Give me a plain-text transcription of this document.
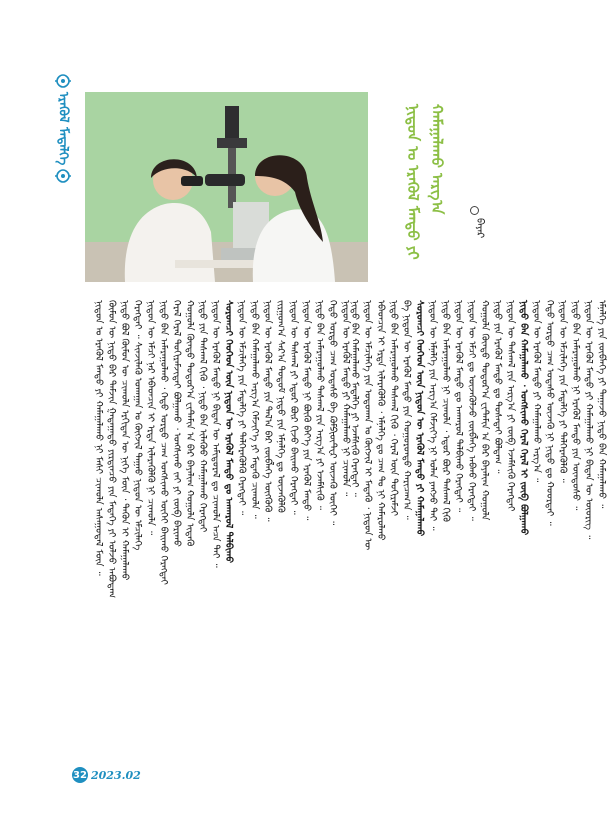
ᠡᠷᠡᠭᠦᠯ ᠮᠡᠳᠡᠯᠭᠡ	ᠨᠢᠳᠦᠨ ᠤ ᠡᠷᠡᠭᠦᠯ ᠮᠡᠨᠳᠦ ᠶᠢ ᠬᠠᠮᠠᠭᠠᠯᠠᠬᠤ ᠠᠷᠭ᠎ᠠ
ᠪᠠᠶᠠᠷ
ᠨᠢᠳᠦᠨ ᠤ ᠡᠷᠡᠭᠦᠯ ᠮᠡᠨᠳᠦ ᠶᠢ ᠬᠠᠮᠠᠭᠠᠯᠠᠬᠤ ᠨᠢ ᠮᠠᠰᠢ ᠴᠢᠬᠤᠯᠠ ᠠᠰᠠᠭᠤᠳᠠᠯ ᠮᠥᠨ ᠃ ᠬᠦᠮᠦᠨ ᠦ ᠨᠢᠳᠦ ᠪᠡᠷ ᠳᠠᠮᠵᠢᠨ ᠭᠠᠳᠠᠭᠠᠳᠤ ᠶᠢᠷᠲᠢᠨᠴᠦ ᠶᠢᠨ ᠮᠡᠳᠡᠭᠡ ᠶᠢ ᠣᠯᠵᠤ ᠠᠪᠤᠳᠠᠭ ᠨᠢᠳᠦ ᠪᠣᠯ ᠬᠦᠮᠦᠨ ᠦ ᠴᠢᠬᠤᠯᠠ ᠡᠷᠬᠢᠲᠡᠨ ᠦ ᠨᠢᠭᠡ ᠮᠥᠨ ᠂ ᠲᠡᠭᠦᠨ ᠢ ᠬᠠᠮᠠᠭᠠᠯᠠᠬᠤ ᠬᠡᠷᠡᠭᠲᠡᠢ ᠃ ᠰᠢᠨᠵᠢᠯᠡᠬᠦ ᠤᠬᠠᠭᠠᠨ ᠤ ᠬᠥᠭᠵᠢᠯ ᠳᠠᠭᠠᠤ ᠨᠢᠳᠦᠨ ᠦ ᠡᠮᠴᠢᠯᠡᠭᠡ ᠨᠢᠳᠦᠨ ᠦ ᠡᠮᠴᠢ ᠨᠡᠷ ᠡᠪᠡᠳᠴᠢᠨ ᠢ ᠡᠷᠲᠡ ᠢᠯᠡᠷᠡᠭᠦᠯᠬᠦ ᠨᠢ ᠴᠢᠬᠤᠯᠠ ᠃ ᠨᠢᠳᠦ ᠪᠡᠨ ᠠᠮᠠᠷᠠᠭᠤᠯᠬᠤ ᠂ ᠬᠡᠲᠦ ᠤᠷᠲᠤ ᠴᠠᠭ ᠤᠩᠰᠢᠬᠤ ᠦᠭᠡᠢ ᠪᠠᠢᠬᠤ ᠬᠡᠷᠡᠭᠲᠡᠢ ᠬᠡᠷᠡᠯ ᠭᠡᠷᠡᠯ ᠲᠣᠬᠢᠷᠠᠮᠵᠢᠲᠠᠢ ᠪᠣᠯᠭᠠᠬᠤ ᠂ ᠤᠩᠰᠢᠬᠤ ᠵᠠᠢ ᠶᠢ ᠵᠥᠪ ᠪᠠᠷᠢᠬᠤ ᠬᠣᠭᠣᠯᠠ ᠬᠦᠨᠳᠦ ᠳᠣᠲᠣᠷ᠎ᠠ ᠸᠢᠲ᠋ᠠᠮᠢᠨ ᠠ ᠪᠠᠷ ᠪᠠᠶᠠᠯᠢᠭ ᠬᠣᠭᠣᠯᠠ ᠢᠳᠡᠬᠦ ᠨᠢᠳᠦ ᠶᠢᠨ ᠳᠠᠰᠬᠠᠯ ᠬᠢᠬᠦ ᠂ ᠨᠢᠳᠦ ᠪᠡᠨ ᠢᠯᠡᠭᠦᠦ ᠬᠠᠮᠠᠭᠠᠯᠠᠬᠤ ᠬᠡᠷᠡᠭᠲᠡᠢ ᠨᠢᠳᠦᠨ ᠦ ᠡᠷᠡᠭᠦᠯ ᠮᠡᠨᠳᠦ ᠨᠢ ᠪᠢᠳᠡᠨ ᠦ ᠠᠮᠢᠳᠤᠷᠠᠯ ᠳᠤ ᠴᠢᠬᠤᠯᠠ ᠠᠴᠠ ᠲᠠᠢ ᠃ ᠰᠤᠷᠤᠭᠴᠢ ᠬᠡᠦᠬᠡᠳ ᠦᠨ ᠨᠢᠳᠦᠨ ᠦ ᠡᠷᠡᠭᠦᠯ ᠮᠡᠨᠳᠦ ᠳᠤ ᠠᠨᠬᠠᠷᠤᠯ ᠲᠠᠯᠪᠢᠬᠤ ᠨᠢᠳᠦᠨ ᠦ ᠡᠮᠴᠢᠯᠡᠭᠡ ᠶᠢᠨ ᠮᠡᠳᠡᠯᠭᠡ ᠶᠢ ᠳᠡᠯᠭᠡᠷᠡᠭᠦᠯᠬᠦ ᠬᠡᠷᠡᠭᠲᠡᠢ ᠃ ᠨᠢᠳᠦ ᠪᠡᠨ ᠬᠠᠮᠠᠭᠠᠯᠠᠬᠤ ᠠᠷᠭ᠎ᠠ ᠬᠡᠮᠵᠢᠶ᠎ᠡ ᠶᠢ ᠮᠡᠳᠡᠬᠦ ᠴᠢᠬᠤᠯᠠ ᠃ ᠨᠢᠳᠦᠨ ᠦ ᠡᠷᠡᠭᠦᠯ ᠮᠡᠨᠳᠦ ᠶᠢᠨ ᠲᠠᠯ᠎ᠠ ᠪᠠᠷ ᠵᠥᠪᠯᠡᠭᠡ ᠥᠭᠭᠦᠬᠦ ᠃ ᠵᠢᠷᠭᠤᠭ᠎ᠠ ᠰᠠᠷ᠎ᠠ ᠲᠤᠲᠤᠮ ᠨᠢᠳᠦ ᠶᠢᠨ ᠡᠮᠨᠡᠯᠭᠡ ᠳᠤ ᠦᠵᠡᠭᠦᠯᠬᠦ ᠨᠢᠳᠦᠨ ᠦ ᠳᠠᠰᠬᠠᠯ ᠶᠢ ᠡᠳᠦᠷ ᠪᠦᠷ ᠬᠢᠵᠦ ᠪᠠᠢᠬᠤ ᠬᠡᠷᠡᠭᠲᠡᠢ ᠃ ᠨᠢᠳᠦᠨ ᠦ ᠡᠷᠡᠭᠦᠯ ᠮᠡᠨᠳᠦ ᠨᠢ ᠪᠦᠬᠦ ᠪᠡᠶ᠎ᠡ ᠶᠢᠨ ᠡᠷᠡᠭᠦᠯ ᠮᠡᠨᠳᠦ ᠃ ᠨᠢᠳᠦ ᠪᠡᠨ ᠠᠮᠠᠷᠠᠭᠤᠯᠬᠤ ᠳᠠᠰᠬᠠᠯ ᠶᠢᠨ ᠠᠷᠭ᠎ᠠ ᠶᠢ ᠡᠵᠡᠮᠰᠢᠬᠦ ᠃ ᠬᠡᠲᠦ ᠤᠷᠲᠤ ᠴᠠᠭ ᠤᠲᠠᠰᠤ ᠪᠠ ᠺᠣᠮᠫᠢᠦ᠋ᠲ᠋ᠧᠷ ᠦᠵᠡᠬᠦ ᠦᠭᠡᠢ ᠃ ᠨᠢᠳᠦᠨ ᠦ ᠡᠷᠡᠭᠦᠯ ᠮᠡᠨᠳᠦ ᠶᠢ ᠬᠠᠮᠠᠭᠠᠯᠠᠬᠤ ᠨᠢ ᠴᠢᠬᠤᠯᠠ ᠃
ᠨᠢᠳᠦ ᠪᠡᠨ ᠬᠠᠮᠠᠭᠠᠯᠠᠬᠤ ᠮᠡᠳᠡᠯᠭᠡ ᠶᠢ ᠡᠵᠡᠮᠰᠢᠬᠦ ᠬᠡᠷᠡᠭᠲᠡᠢ ᠃ ᠨᠢᠳᠦᠨ ᠦ ᠡᠮᠴᠢᠯᠡᠭᠡ ᠶᠢᠨ ᠣᠳᠣᠬᠠᠨ ᠤ ᠬᠥᠭᠵᠢᠯ ᠢ ᠮᠡᠳᠡᠬᠦ ᠂ ᠨᠢᠳᠦᠨ ᠦ ᠡᠪᠡᠳᠴᠢᠨ ᠢ ᠡᠷᠲᠡ ᠢᠯᠡᠷᠡᠭᠦᠯᠬᠦ ᠂ ᠡᠮᠨᠡᠯᠭᠡ ᠳᠤ ᠴᠠᠭ ᠲᠤ ᠨᠢ ᠬᠠᠮᠠᠷᠤᠯᠬᠤ ᠨᠢᠳᠦ ᠪᠡᠨ ᠠᠮᠠᠷᠠᠭᠤᠯᠬᠤ ᠳᠠᠰᠬᠠᠯ ᠬᠢᠬᠦ ᠂ ᠭᠡᠷᠡᠯ ᠦᠨ ᠲᠣᠬᠢᠷᠠᠮᠵᠢ ᠪᠠ ᠨᠢᠳᠦᠨ ᠦ ᠡᠷᠡᠭᠦᠯ ᠮᠡᠨᠳᠦ ᠶᠢᠨ ᠬᠣᠭᠣᠷᠤᠨᠳᠤ ᠬᠠᠷᠢᠴᠠᠭ᠎ᠠ ᠃ ᠰᠤᠷᠤᠭᠴᠢ ᠬᠡᠦᠬᠡᠳ ᠦᠨ ᠨᠢᠳᠦᠨ ᠦ ᠡᠷᠡᠭᠦᠯ ᠮᠡᠨᠳᠦ ᠶᠢ ᠬᠠᠮᠠᠭᠠᠯᠠᠬᠤ ᠨᠢᠳᠦᠨ ᠦ ᠡᠮᠨᠡᠯᠭᠡ ᠶᠢᠨ ᠠᠷᠭ᠎ᠠ ᠬᠡᠮᠵᠢᠶ᠎ᠡ ᠨᠢ ᠣᠯᠠᠨ ᠶᠠᠩᠵᠤ ᠲᠠᠢ ᠃ ᠨᠢᠳᠦ ᠪᠡᠨ ᠠᠮᠠᠷᠠᠭᠤᠯᠬᠤ ᠨᠢ ᠴᠢᠬᠤᠯᠠ ᠂ ᠡᠳᠦᠷ ᠪᠦᠷ ᠳᠠᠰᠬᠠᠯ ᠬᠢᠬᠦ ᠨᠢᠳᠦᠨ ᠦ ᠡᠷᠡᠭᠦᠯ ᠮᠡᠨᠳᠦ ᠳᠤ ᠠᠨᠬᠠᠷᠤᠯ ᠲᠠᠯᠪᠢᠬᠤ ᠬᠡᠷᠡᠭᠲᠡᠢ ᠃ ᠨᠢᠳᠦᠨ ᠦ ᠡᠮᠴᠢ ᠳᠤ ᠦᠵᠡᠭᠦᠯᠵᠦ ᠵᠥᠪᠯᠡᠭᠡ ᠠᠪᠬᠤ ᠬᠡᠷᠡᠭᠲᠡᠢ ᠃ ᠬᠣᠭᠣᠯᠠ ᠬᠦᠨᠳᠦ ᠳᠣᠲᠣᠷ᠎ᠠ ᠸᠢᠲ᠋ᠠᠮᠢᠨ ᠠ ᠪᠠᠷ ᠪᠠᠶᠠᠯᠢᠭ ᠬᠣᠭᠣᠯᠠ ᠨᠢᠳᠦ ᠶᠢᠨ ᠡᠷᠡᠭᠦᠯ ᠮᠡᠨᠳᠦ ᠳᠤ ᠲᠤᠰᠠᠲᠠᠢ ᠪᠣᠯᠳᠠᠭ ᠃ ᠨᠢᠳᠦᠨ ᠦ ᠳᠠᠰᠬᠠᠯ ᠶᠢᠨ ᠠᠷᠭ᠎ᠠ ᠶᠢ ᠵᠥᠪ ᠡᠵᠡᠮᠰᠢᠬᠦ ᠬᠡᠷᠡᠭᠲᠡᠢ ᠨᠢᠳᠦ ᠪᠡᠨ ᠬᠠᠮᠠᠭᠠᠯᠠᠬᠤ ᠂ ᠤᠩᠰᠢᠬᠤ ᠬᠡᠷᠡᠯ ᠭᠡᠷᠡᠯ ᠢ ᠵᠥᠪ ᠪᠣᠯᠭᠠᠬᠤ ᠨᠢᠳᠦᠨ ᠦ ᠡᠷᠡᠭᠦᠯ ᠮᠡᠨᠳᠦ ᠶᠢ ᠬᠠᠮᠠᠭᠠᠯᠠᠬᠤ ᠠᠷᠭ᠎ᠠ ᠃ ᠬᠡᠲᠦ ᠤᠷᠲᠤ ᠴᠠᠭ ᠤᠲᠠᠰᠤ ᠦᠵᠡᠬᠦ ᠨᠢ ᠨᠢᠳᠦ ᠳᠤ ᠬᠣᠣᠷᠲᠠᠢ ᠃ ᠨᠢᠳᠦᠨ ᠦ ᠡᠮᠴᠢᠯᠡᠭᠡ ᠶᠢᠨ ᠮᠡᠳᠡᠯᠭᠡ ᠶᠢ ᠳᠡᠯᠭᠡᠷᠡᠭᠦᠯᠬᠦ ᠃ ᠨᠢᠳᠦ ᠪᠡᠨ ᠠᠮᠠᠷᠠᠭᠤᠯᠬᠤ ᠨᠢ ᠡᠷᠡᠭᠦᠯ ᠮᠡᠨᠳᠦ ᠶᠢᠨ ᠦᠨᠳᠦᠰᠦ ᠃ ᠨᠢᠳᠦᠨ ᠦ ᠡᠷᠡᠭᠦᠯ ᠮᠡᠨᠳᠦ ᠶᠢ ᠬᠠᠮᠠᠭᠠᠯᠠᠬᠤ ᠨᠢ ᠪᠢᠳᠡᠨ ᠦ ᠦᠦᠷᠢᠭ ᠃ ᠡᠮᠨᠡᠯᠭᠡ ᠶᠢᠨ ᠵᠥᠪᠯᠡᠭᠡ ᠶᠢ ᠳᠠᠭᠠᠵᠤ ᠨᠢᠳᠦ ᠪᠡᠨ ᠬᠠᠮᠠᠭᠠᠯᠠᠬᠤ ᠃
32 2023.02
